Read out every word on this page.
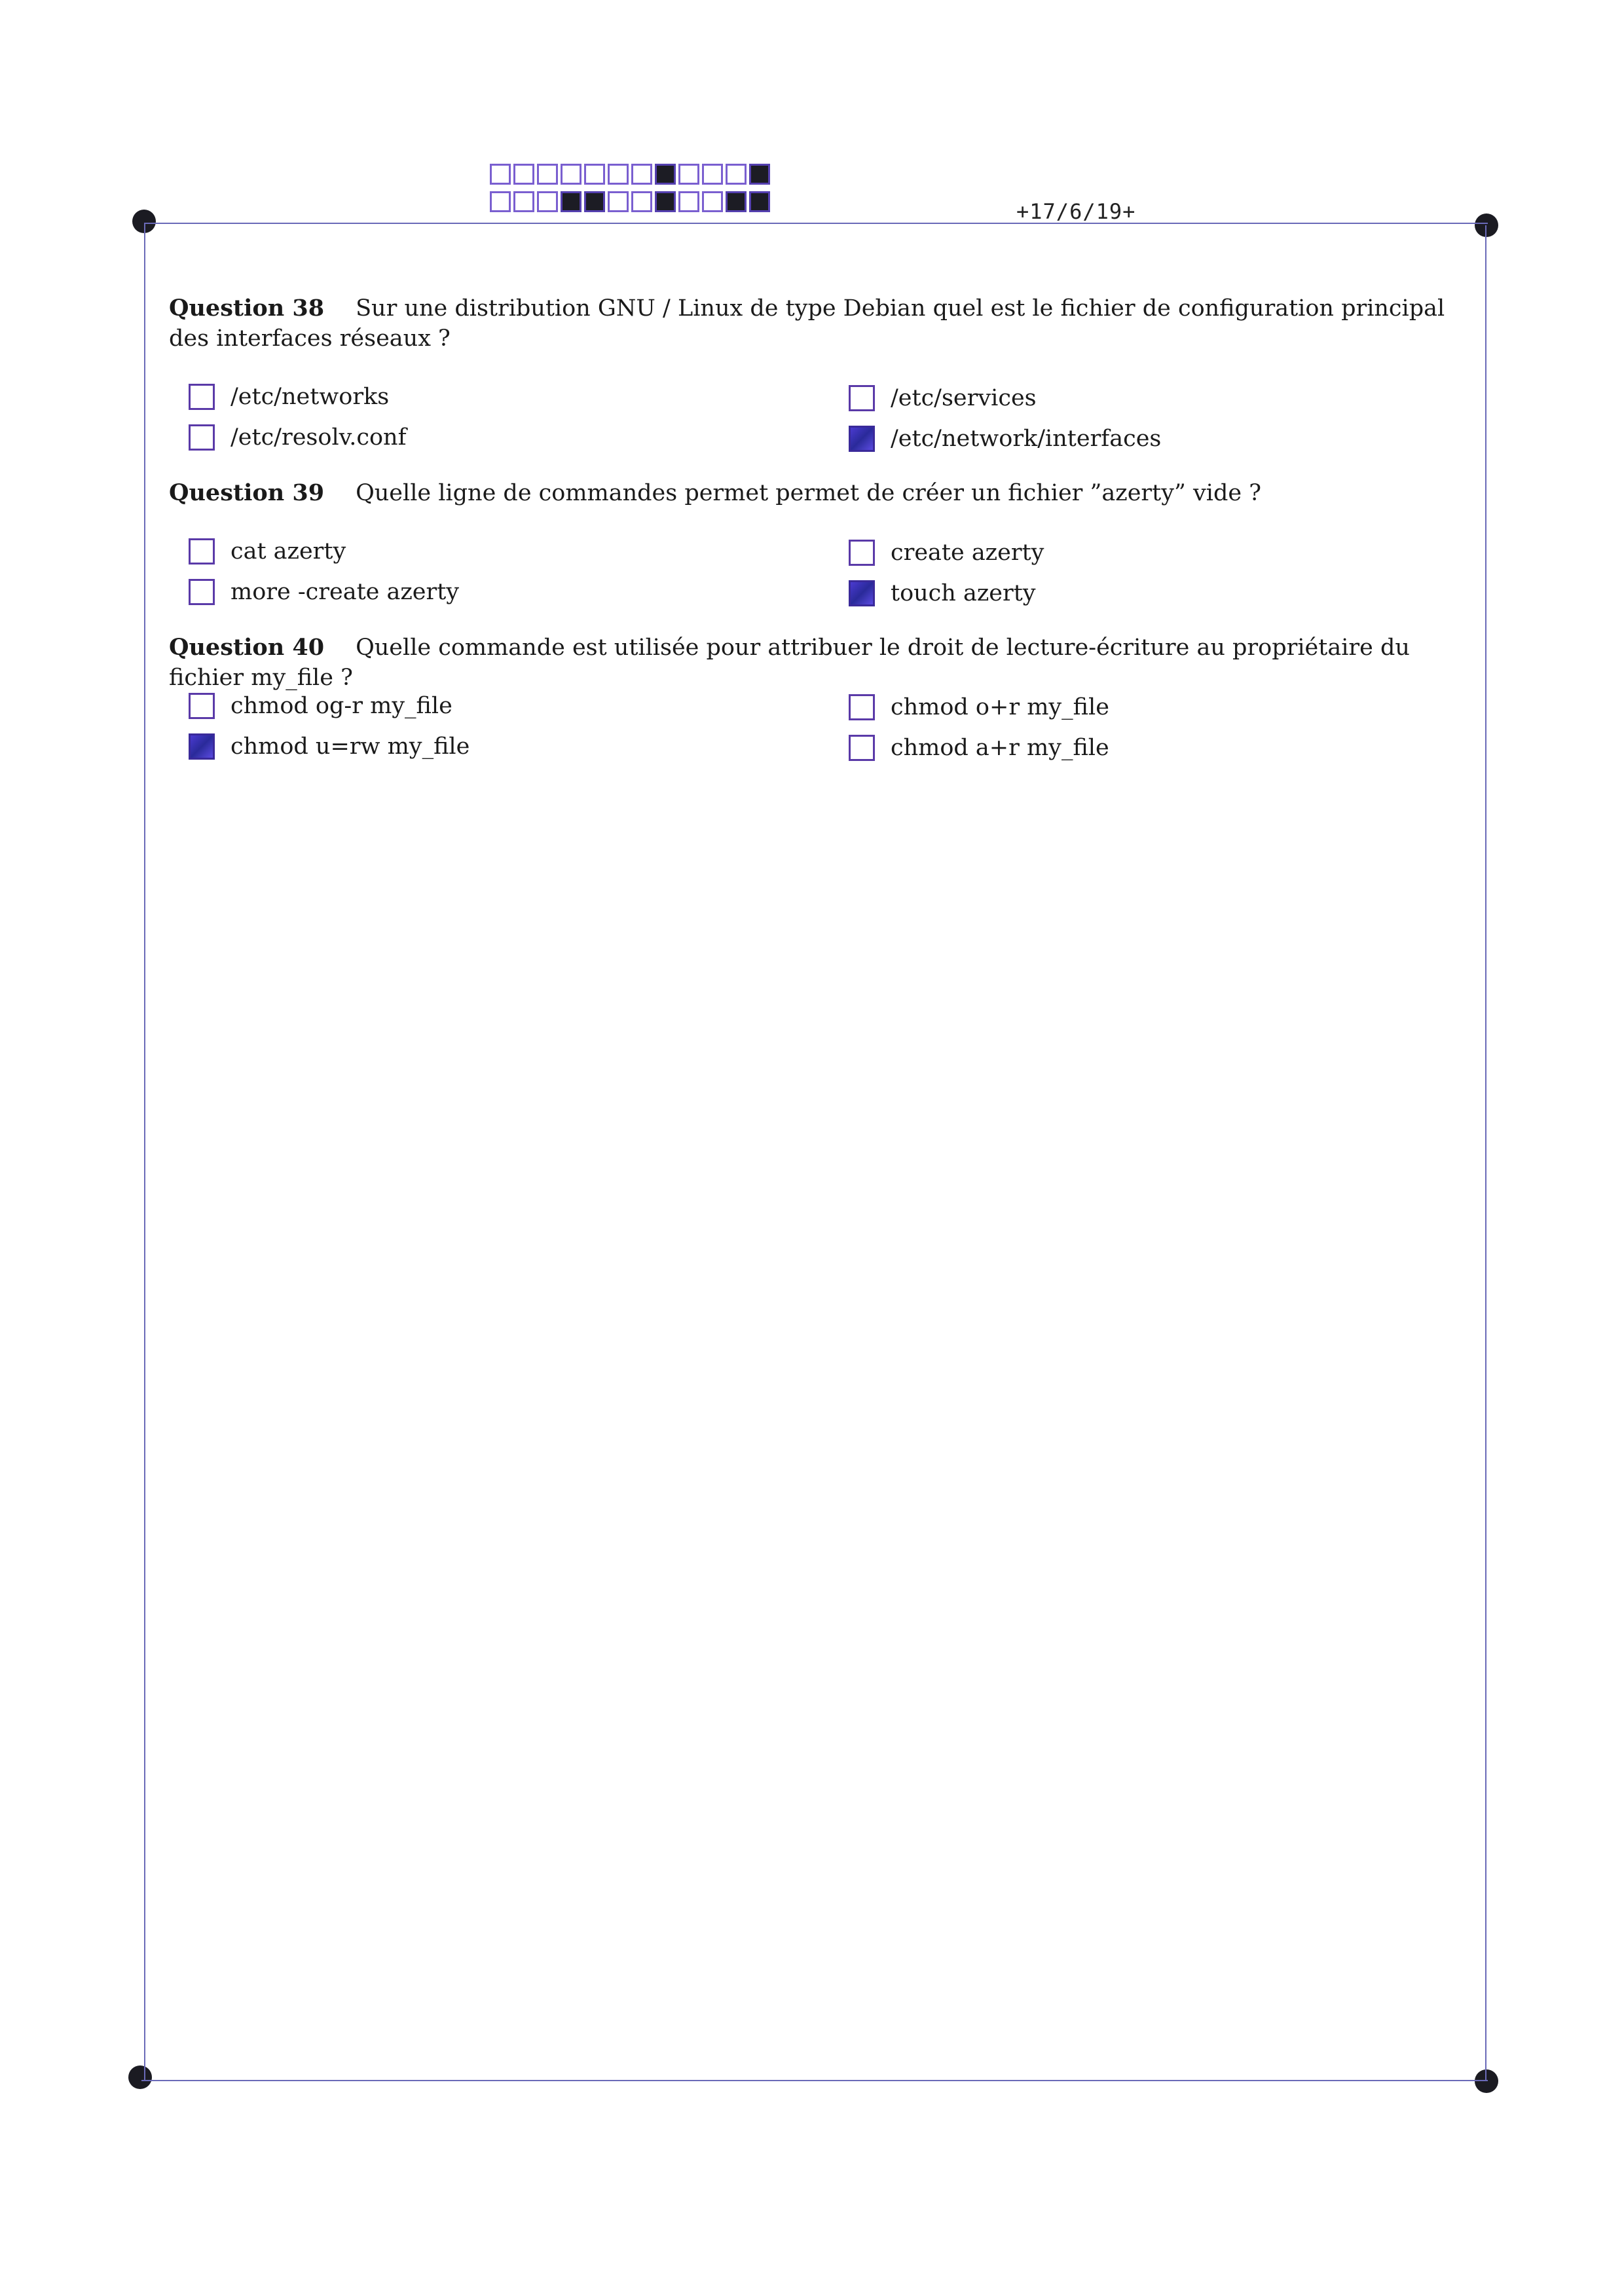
+17/6/19+
Question 38 Sur une distribution GNU / Linux de type Debian quel est le fichier de configuration principal des interfaces réseaux ?
/etc/networks	/etc/services
/etc/resolv.conf	/etc/network/interfaces
Question 39 Quelle ligne de commandes permet permet de créer un fichier ”azerty” vide ?
cat azerty	create azerty
more -create azerty	touch azerty
Question 40 Quelle commande est utilisée pour attribuer le droit de lecture-écriture au propriétaire du fichier my_file ?
chmod og-r my_file	chmod o+r my_file
chmod u=rw my_file	chmod a+r my_file
